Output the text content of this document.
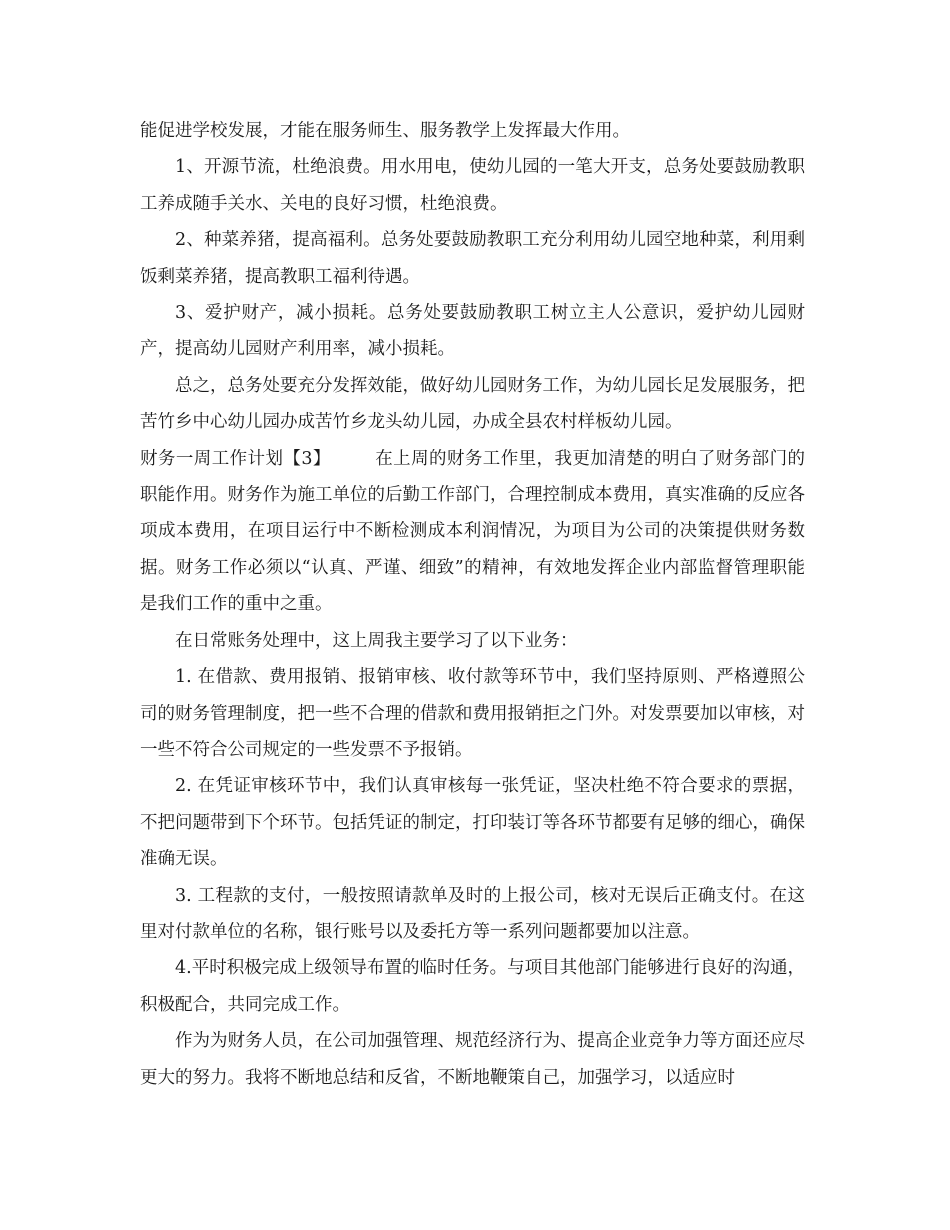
能促进学校发展，才能在服务师生、服务教学上发挥最大作用。

1、开源节流，杜绝浪费。用水用电，使幼儿园的一笔大开支，总务处要鼓励教职工养成随手关水、关电的良好习惯，杜绝浪费。

2、种菜养猪，提高福利。总务处要鼓励教职工充分利用幼儿园空地种菜，利用剩饭剩菜养猪，提高教职工福利待遇。

3、爱护财产，减小损耗。总务处要鼓励教职工树立主人公意识，爱护幼儿园财产，提高幼儿园财产利用率，减小损耗。

总之，总务处要充分发挥效能，做好幼儿园财务工作，为幼儿园长足发展服务，把苦竹乡中心幼儿园办成苦竹乡龙头幼儿园，办成全县农村样板幼儿园。

财务一周工作计划【3】	在上周的财务工作里，我更加清楚的明白了财务部门的职能作用。财务作为施工单位的后勤工作部门，合理控制成本费用，真实准确的反应各项成本费用，在项目运行中不断检测成本利润情况，为项目为公司的决策提供财务数据。财务工作必须以“认真、严谨、细致”的精神，有效地发挥企业内部监督管理职能是我们工作的重中之重。

在日常账务处理中，这上周我主要学习了以下业务：

1. 在借款、费用报销、报销审核、收付款等环节中，我们坚持原则、严格遵照公司的财务管理制度，把一些不合理的借款和费用报销拒之门外。对发票要加以审核，对一些不符合公司规定的一些发票不予报销。

2. 在凭证审核环节中，我们认真审核每一张凭证，坚决杜绝不符合要求的票据，不把问题带到下个环节。包括凭证的制定，打印装订等各环节都要有足够的细心，确保准确无误。

3. 工程款的支付，一般按照请款单及时的上报公司，核对无误后正确支付。在这里对付款单位的名称，银行账号以及委托方等一系列问题都要加以注意。

4.平时积极完成上级领导布置的临时任务。与项目其他部门能够进行良好的沟通，积极配合，共同完成工作。

作为为财务人员，在公司加强管理、规范经济行为、提高企业竞争力等方面还应尽更大的努力。我将不断地总结和反省，不断地鞭策自己，加强学习，以适应时
